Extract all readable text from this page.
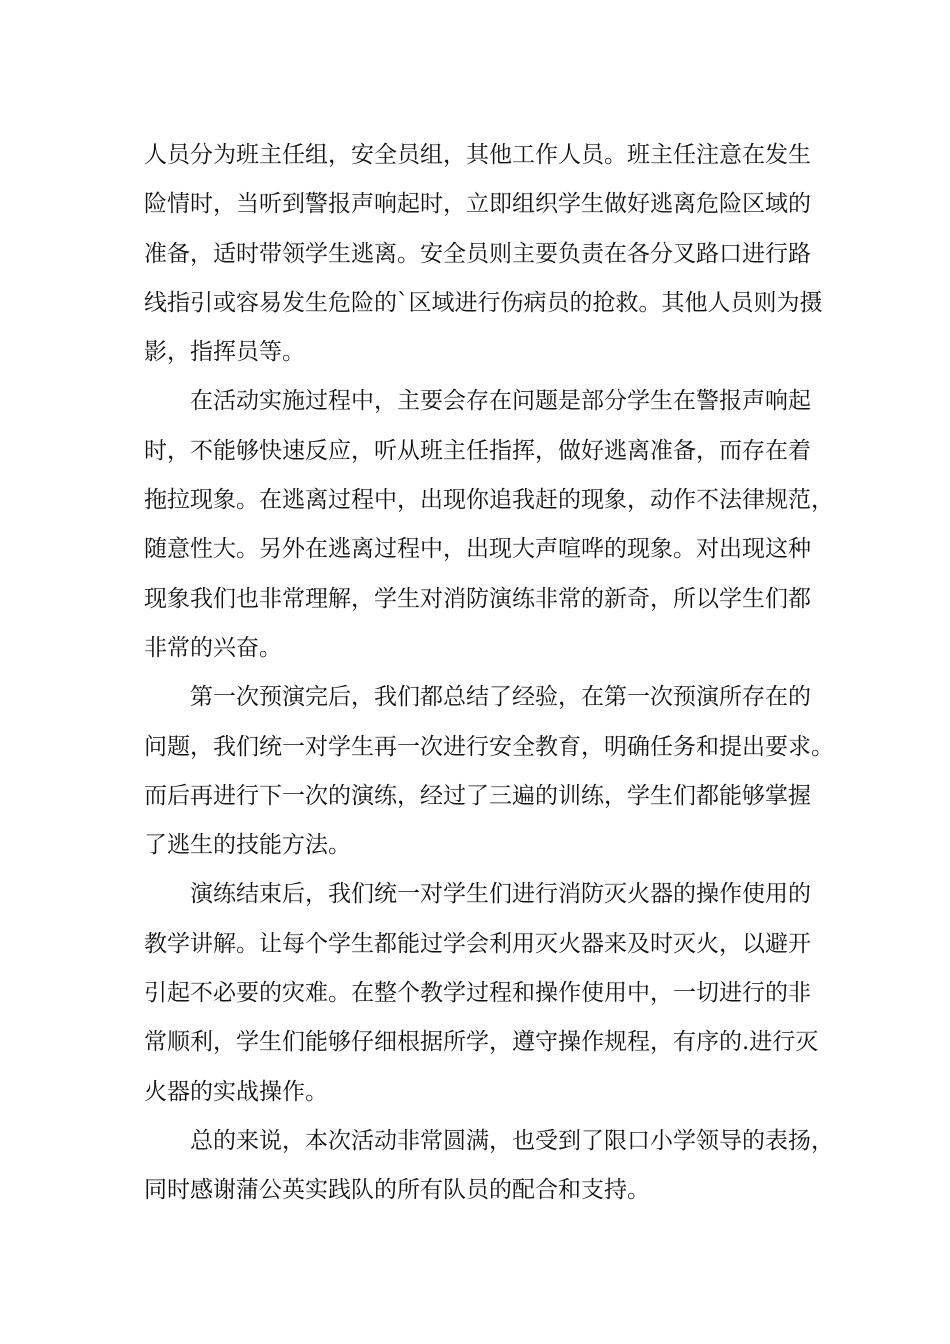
人员分为班主任组，安全员组，其他工作人员。班主任注意在发生
险情时，当听到警报声响起时，立即组织学生做好逃离危险区域的
准备，适时带领学生逃离。安全员则主要负责在各分叉路口进行路
线指引或容易发生危险的`区域进行伤病员的抢救。其他人员则为摄
影，指挥员等。
在活动实施过程中，主要会存在问题是部分学生在警报声响起
时，不能够快速反应，听从班主任指挥，做好逃离准备，而存在着
拖拉现象。在逃离过程中，出现你追我赶的现象，动作不法律规范，
随意性大。另外在逃离过程中，出现大声喧哗的现象。对出现这种
现象我们也非常理解，学生对消防演练非常的新奇，所以学生们都
非常的兴奋。
第一次预演完后，我们都总结了经验，在第一次预演所存在的
问题，我们统一对学生再一次进行安全教育，明确任务和提出要求。
而后再进行下一次的演练，经过了三遍的训练，学生们都能够掌握
了逃生的技能方法。
演练结束后，我们统一对学生们进行消防灭火器的操作使用的
教学讲解。让每个学生都能过学会利用灭火器来及时灭火，以避开
引起不必要的灾难。在整个教学过程和操作使用中，一切进行的非
常顺利，学生们能够仔细根据所学，遵守操作规程，有序的.进行灭
火器的实战操作。
总的来说，本次活动非常圆满，也受到了限口小学领导的表扬，
同时感谢蒲公英实践队的所有队员的配合和支持。
